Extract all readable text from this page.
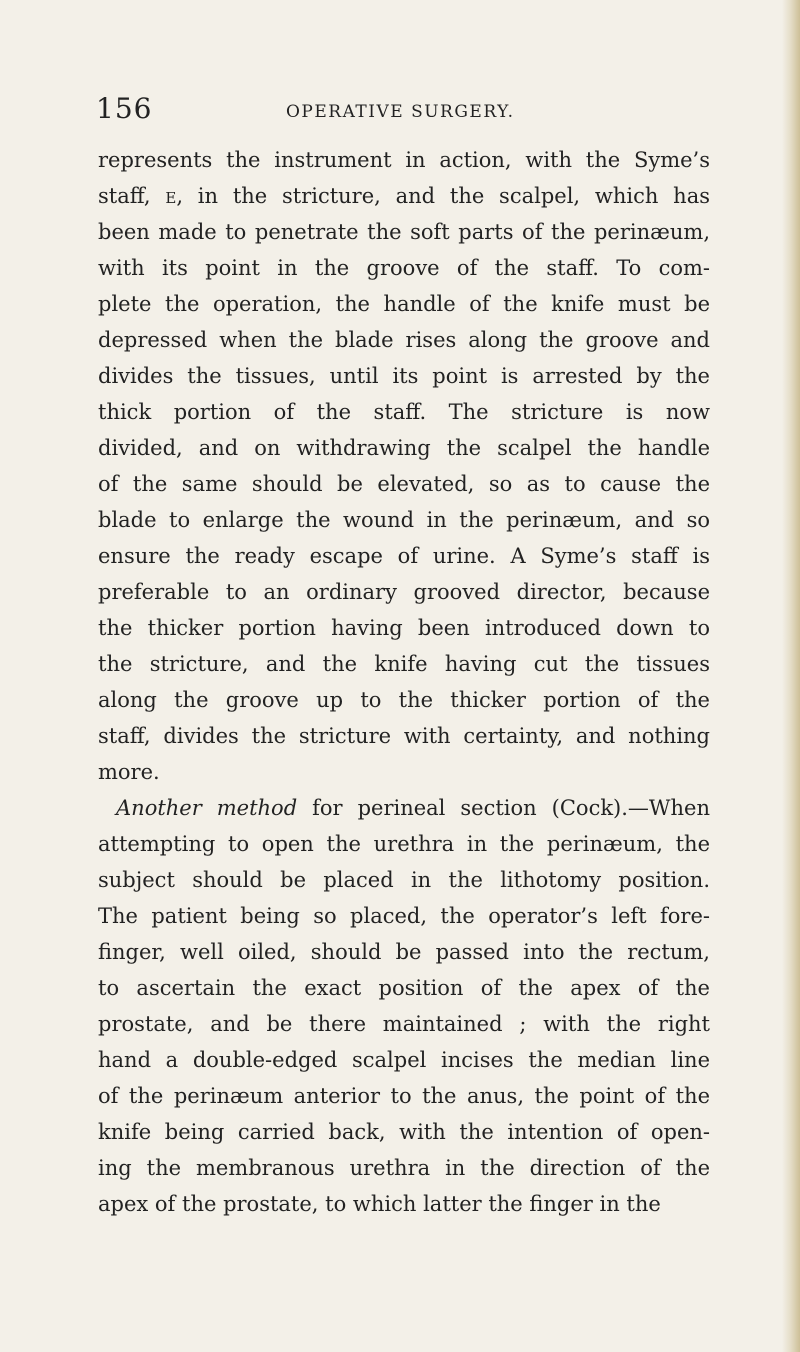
156	OPERATIVE SURGERY.
represents the instrument in action, with the Syme’s
staff, E, in the stricture, and the scalpel, which has
been made to penetrate the soft parts of the perinæum,
with its point in the groove of the staff. To com-
plete the operation, the handle of the knife must be
depressed when the blade rises along the groove and
divides the tissues, until its point is arrested by the
thick portion of the staff. The stricture is now
divided, and on withdrawing the scalpel the handle
of the same should be elevated, so as to cause the
blade to enlarge the wound in the perinæum, and so
ensure the ready escape of urine. A Syme’s staff is
preferable to an ordinary grooved director, because
the thicker portion having been introduced down to
the stricture, and the knife having cut the tissues
along the groove up to the thicker portion of the
staff, divides the stricture with certainty, and nothing
more.
Another method for perineal section (Cock).—When
attempting to open the urethra in the perinæum, the
subject should be placed in the lithotomy position.
The patient being so placed, the operator’s left fore-
finger, well oiled, should be passed into the rectum,
to ascertain the exact position of the apex of the
prostate, and be there maintained ; with the right
hand a double-edged scalpel incises the median line
of the perinæum anterior to the anus, the point of the
knife being carried back, with the intention of open-
ing the membranous urethra in the direction of the
apex of the prostate, to which latter the finger in the
